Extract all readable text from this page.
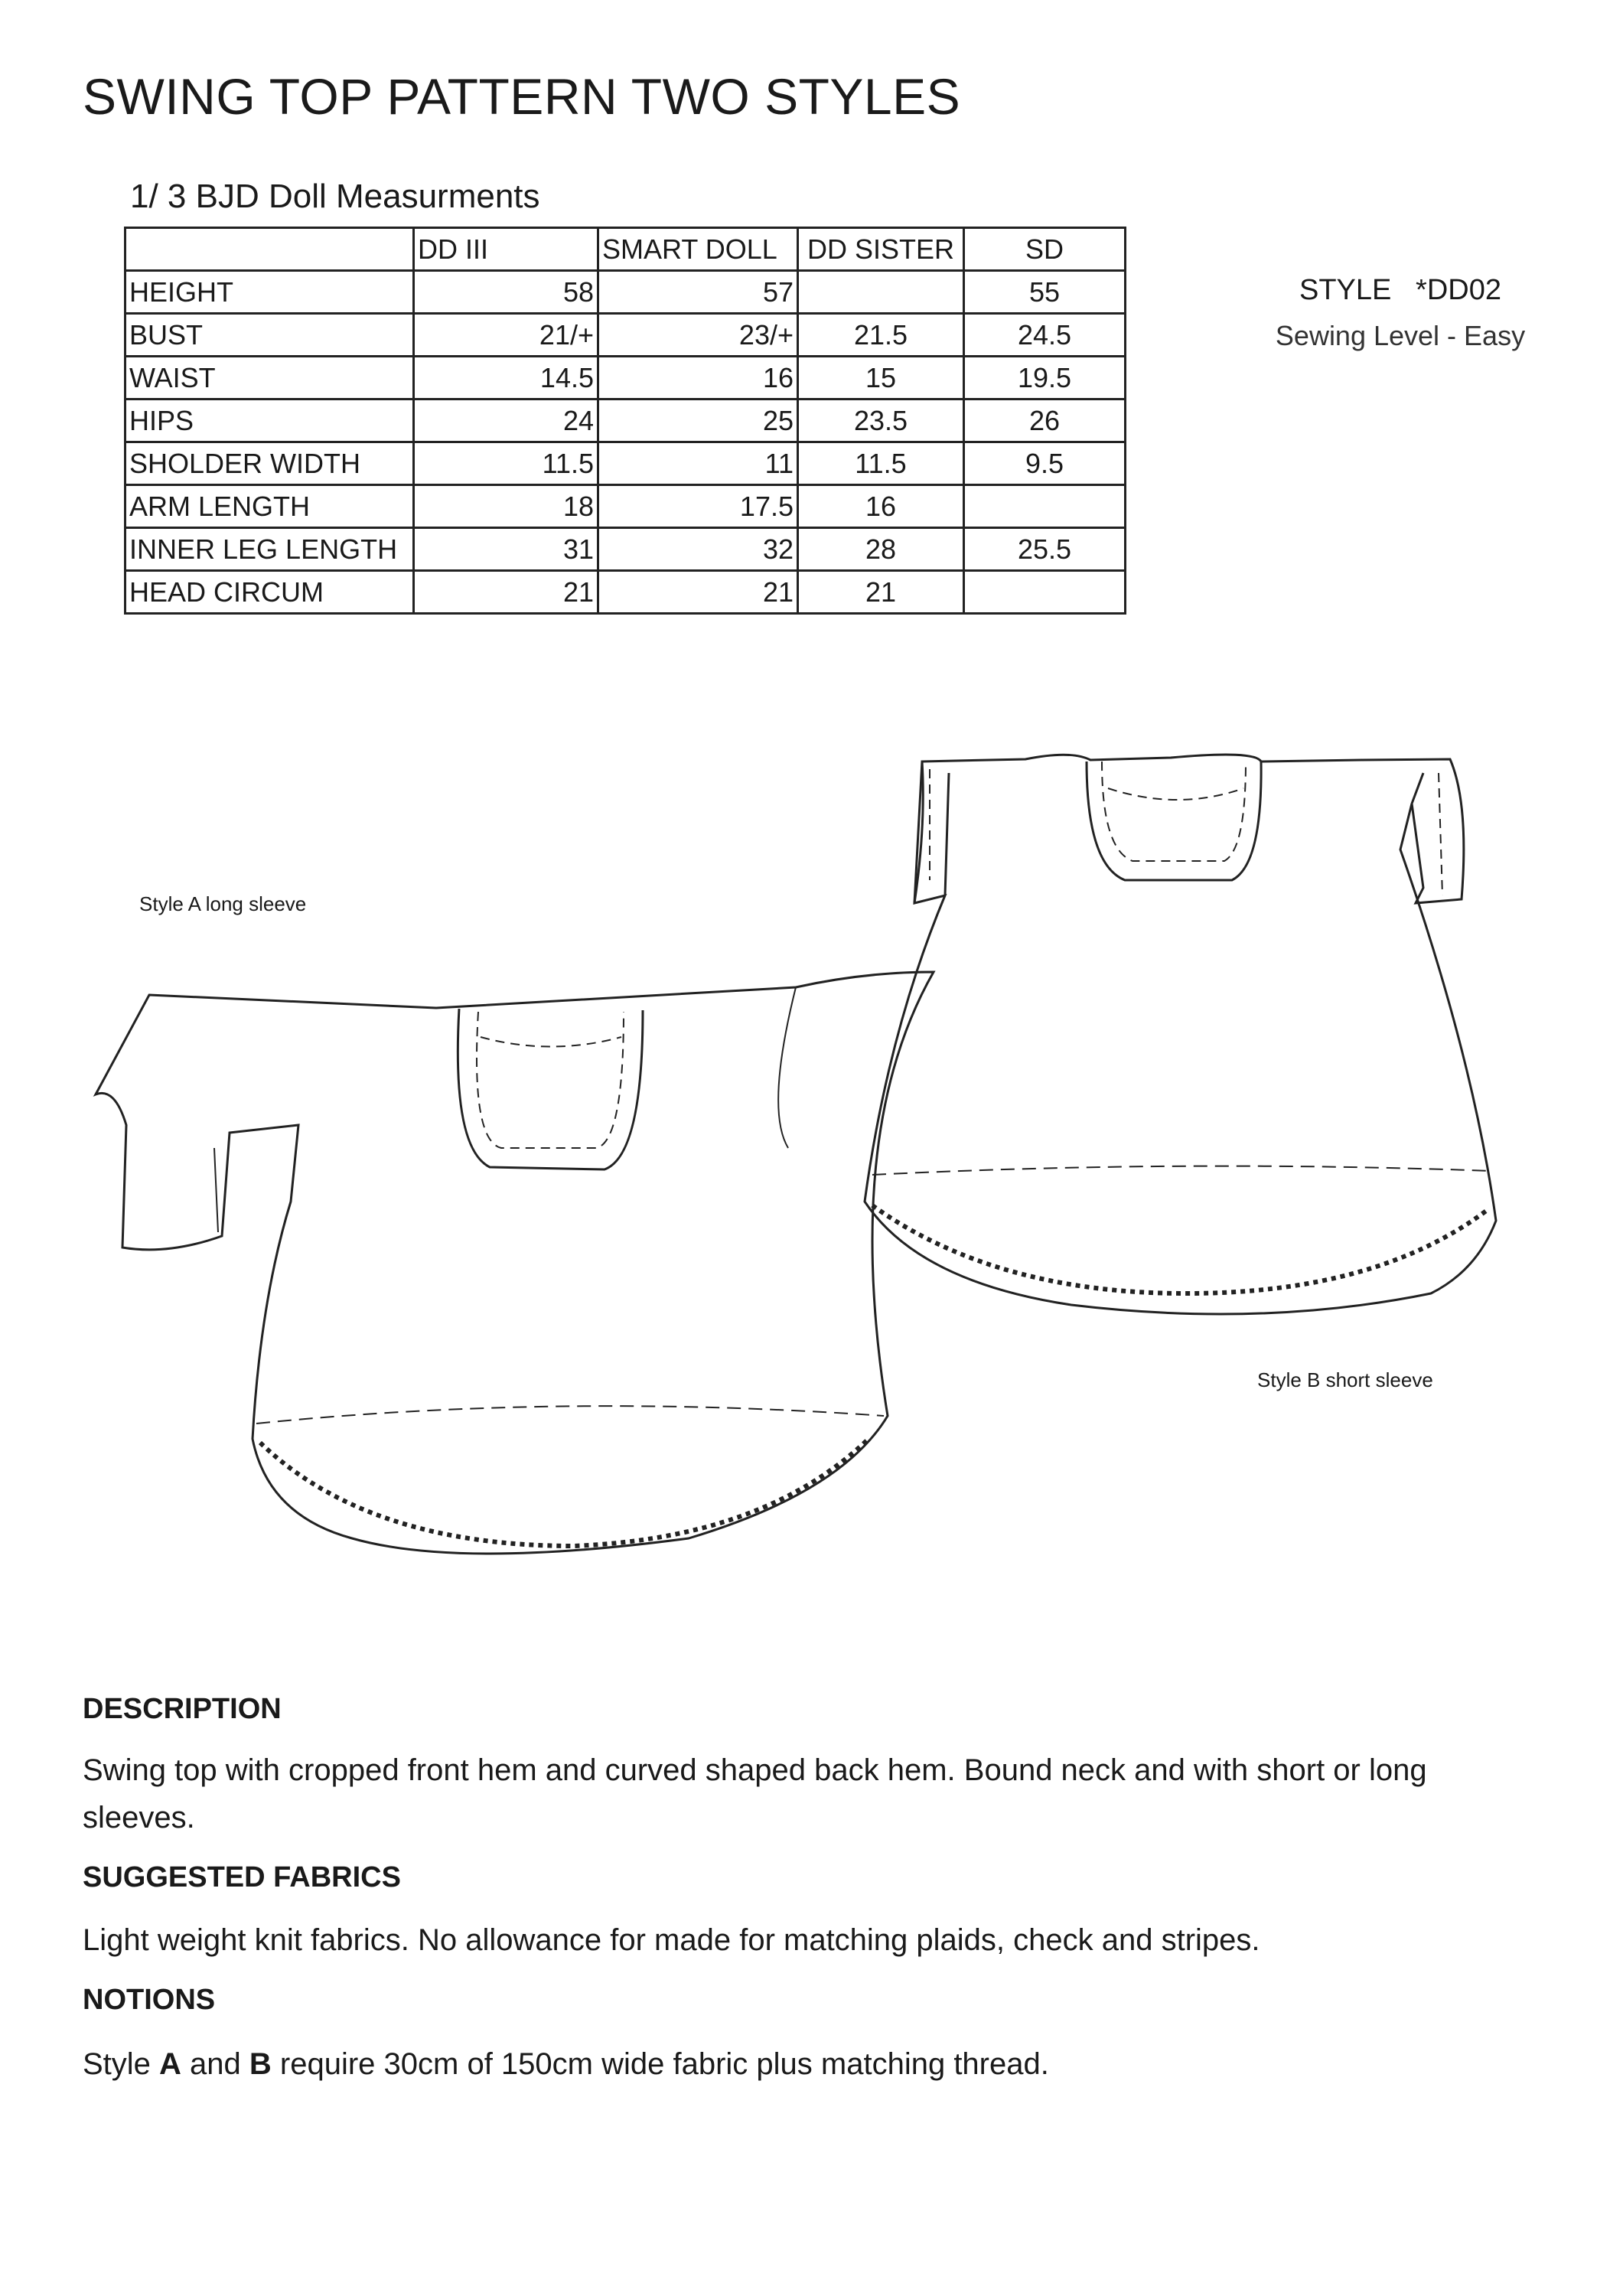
SWING TOP PATTERN TWO STYLES
1/ 3 BJD Doll Measurments
	DD III	SMART DOLL	DD SISTER	SD
HEIGHT	58	57		55
BUST	21/+	23/+	21.5	24.5
WAIST	14.5	16	15	19.5
HIPS	24	25	23.5	26
SHOLDER WIDTH	11.5	11	11.5	9.5
ARM LENGTH	18	17.5	16	
INNER LEG LENGTH	31	32	28	25.5
HEAD CIRCUM	21	21	21	
STYLE   *DD02
Sewing Level - Easy
Style A long sleeve
Style B short sleeve
DESCRIPTION
Swing top with cropped front hem and curved shaped back hem. Bound neck and with short or long sleeves.
SUGGESTED FABRICS
Light weight knit fabrics. No allowance for made for matching plaids, check and stripes.
NOTIONS
Style A and B require 30cm of 150cm wide fabric plus matching thread.
